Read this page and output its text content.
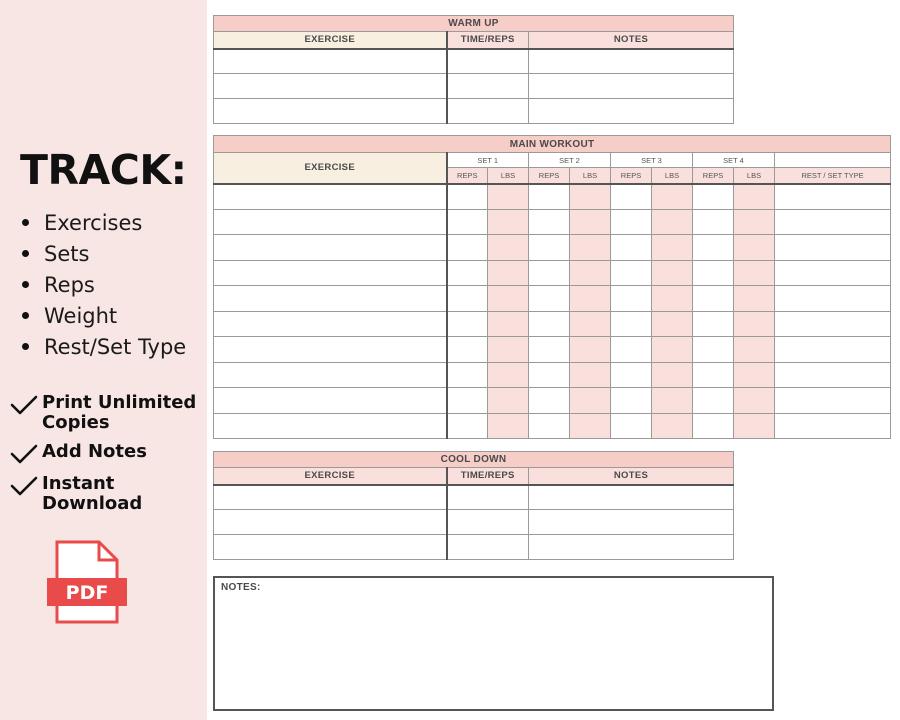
TRACK:
Exercises
Sets
Reps
Weight
Rest/Set Type
Print Unlimited Copies
Add Notes
Instant Download
PDF
WARM UP		
EXERCISE	TIME/REPS	NOTES

MAIN WORKOUT									
EXERCISE	SET 1		SET 2		SET 3		SET 4		
	REPS	LBS	REPS	LBS	REPS	LBS	REPS	LBS	REST / SET TYPE

COOL DOWN		
EXERCISE	TIME/REPS	NOTES

NOTES:
